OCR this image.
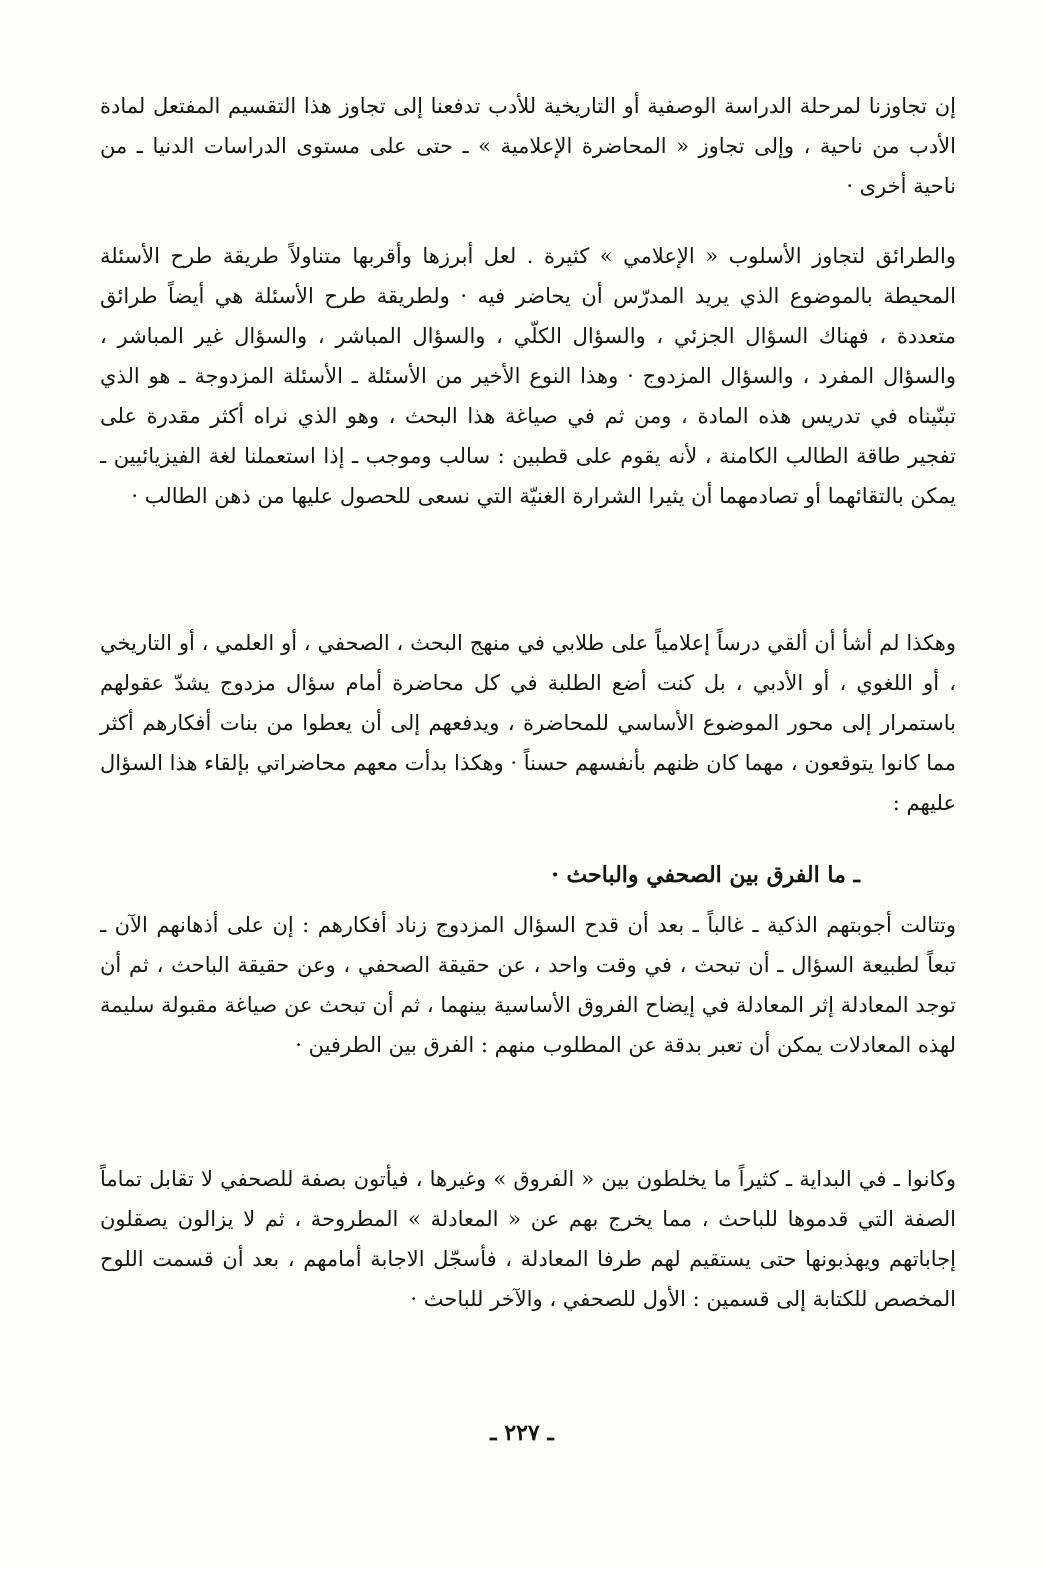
إن تجاوزنا لمرحلة الدراسة الوصفية أو التاريخية للأدب تدفعنا إلى تجاوز هذا التقسيم المفتعل لمادة الأدب من ناحية ، وإلى تجاوز « المحاضرة الإعلامية » ـ حتى على مستوى الدراسات الدنيا ـ من ناحية أخرى ·

والطرائق لتجاوز الأسلوب « الإعلامي » كثيرة . لعل أبرزها وأقربها متناولاً طريقة طرح الأسئلة المحيطة بالموضوع الذي يريد المدرّس أن يحاضر فيه · ولطريقة طرح الأسئلة هي أيضاً طرائق متعددة ، فهناك السؤال الجزئي ، والسؤال الكلّي ، والسؤال المباشر ، والسؤال غير المباشر ، والسؤال المفرد ، والسؤال المزدوج · وهذا النوع الأخير من الأسئلة ـ الأسئلة المزدوجة ـ هو الذي تبنّيناه في تدريس هذه المادة ، ومن ثم في صياغة هذا البحث ، وهو الذي نراه أكثر مقدرة على تفجير طاقة الطالب الكامنة ، لأنه يقوم على قطبين : سالب وموجب ـ إذا استعملنا لغة الفيزيائيين ـ يمكن بالتقائهما أو تصادمهما أن يثيرا الشرارة الغنيّة التي نسعى للحصول عليها من ذهن الطالب ·

وهكذا لم أشأ أن ألقي درساً إعلامياً على طلابي في منهج البحث ، الصحفي ، أو العلمي ، أو التاريخي ، أو اللغوي ، أو الأدبي ، بل كنت أضع الطلبة في كل محاضرة أمام سؤال مزدوج يشدّ عقولهم باستمرار إلى محور الموضوع الأساسي للمحاضرة ، ويدفعهم إلى أن يعطوا من بنات أفكارهم أكثر مما كانوا يتوقعون ، مهما كان ظنهم بأنفسهم حسناً · وهكذا بدأت معهم محاضراتي بإلقاء هذا السؤال عليهم :

ـ ما الفرق بين الصحفي والباحث ·

وتتالت أجوبتهم الذكية ـ غالباً ـ بعد أن قدح السؤال المزدوج زناد أفكارهم : إن على أذهانهم الآن ـ تبعاً لطبيعة السؤال ـ أن تبحث ، في وقت واحد ، عن حقيقة الصحفي ، وعن حقيقة الباحث ، ثم أن توجد المعادلة إثر المعادلة في إيضاح الفروق الأساسية بينهما ، ثم أن تبحث عن صياغة مقبولة سليمة لهذه المعادلات يمكن أن تعبر بدقة عن المطلوب منهم : الفرق بين الطرفين ·

وكانوا ـ في البداية ـ كثيراً ما يخلطون بين « الفروق » وغيرها ، فيأتون بصفة للصحفي لا تقابل تماماً الصفة التي قدموها للباحث ، مما يخرج بهم عن « المعادلة » المطروحة ، ثم لا يزالون يصقلون إجاباتهم ويهذبونها حتى يستقيم لهم طرفا المعادلة ، فأسجّل الاجابة أمامهم ، بعد أن قسمت اللوح المخصص للكتابة إلى قسمين : الأول للصحفي ، والآخر للباحث ·

ـ ٢٢٧ ـ
